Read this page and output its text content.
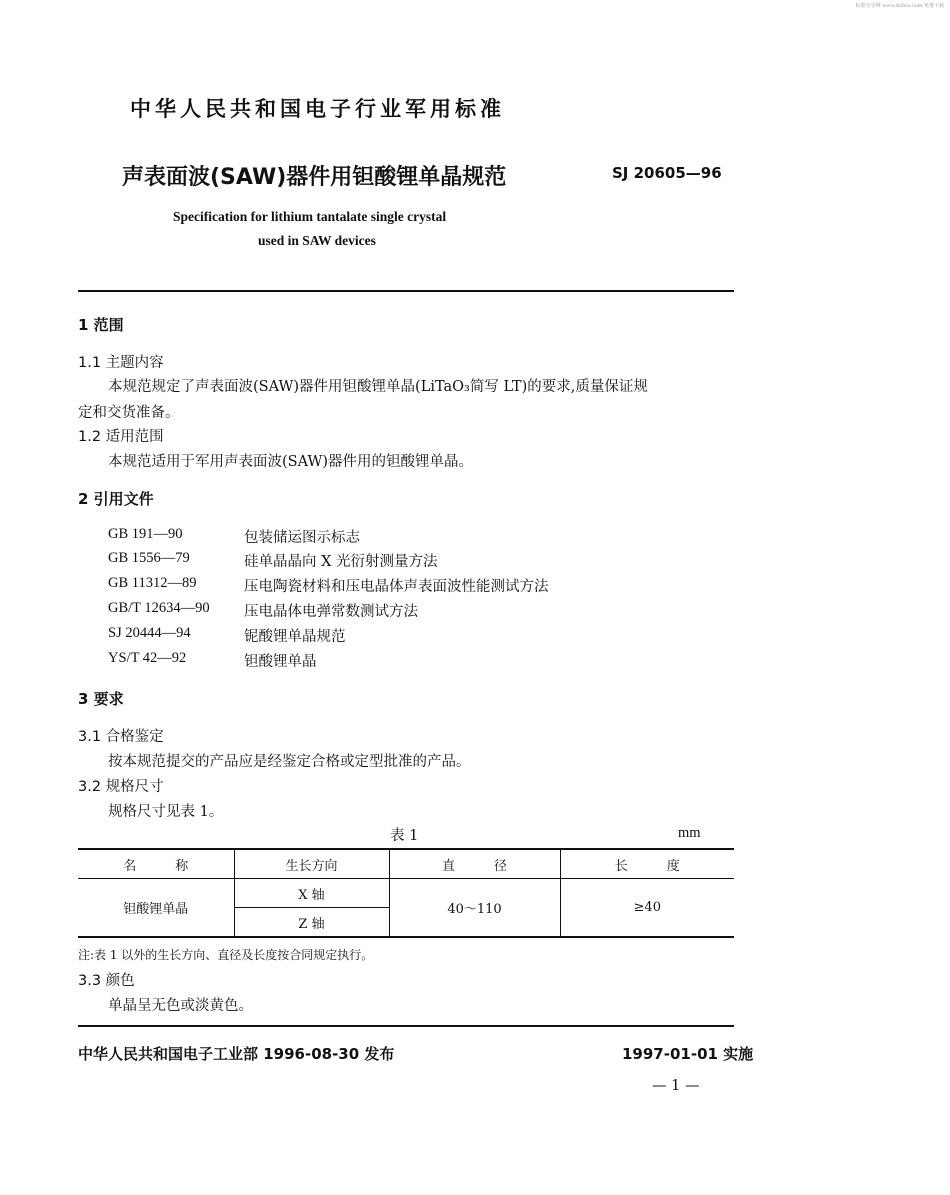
标准分享网 www.bzfxw.com 免费下载
中华人民共和国电子行业军用标准
声表面波(SAW)器件用钽酸锂单晶规范	SJ 20605—96
Specification for lithium tantalate single crystal
used in SAW devices
1 范围
1.1 主题内容
本规范规定了声表面波(SAW)器件用钽酸锂单晶(LiTaO₃简写 LT)的要求,质量保证规
定和交货准备。
1.2 适用范围
本规范适用于军用声表面波(SAW)器件用的钽酸锂单晶。
2 引用文件
GB 191—90	包装储运图示标志
GB 1556—79	硅单晶晶向 X 光衍射测量方法
GB 11312—89	压电陶瓷材料和压电晶体声表面波性能测试方法
GB/T 12634—90 压电晶体电弹常数测试方法
SJ 20444—94	铌酸锂单晶规范
YS/T 42—92	钽酸锂单晶
3 要求
3.1 合格鉴定
按本规范提交的产品应是经鉴定合格或定型批准的产品。
3.2 规格尺寸
规格尺寸见表 1。
表 1	mm
名　　　称	生长方向	直　　　径	长　　　度
钽酸锂单晶	X 轴	40～110	≥40
	Z 轴		
注:表 1 以外的生长方向、直径及长度按合同规定执行。
3.3 颜色
单晶呈无色或淡黄色。
中华人民共和国电子工业部 1996-08-30 发布	1997-01-01 实施
— 1 —
